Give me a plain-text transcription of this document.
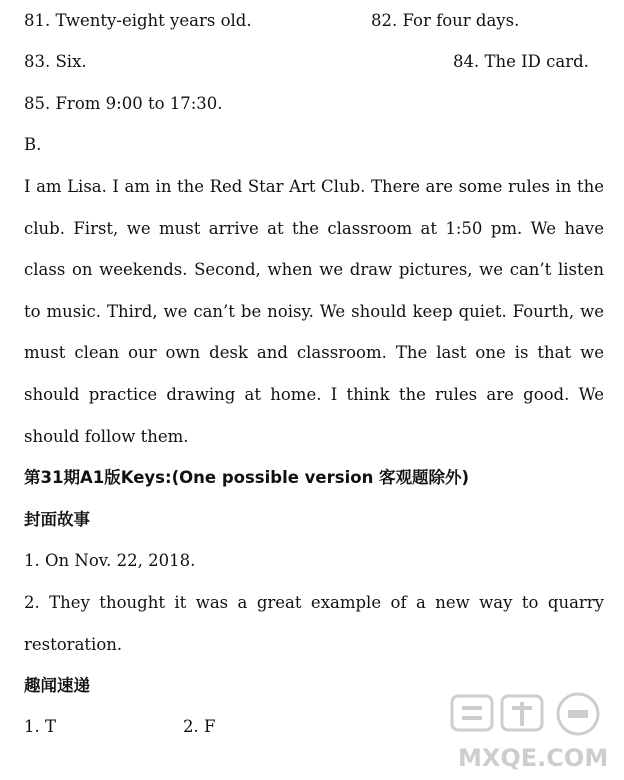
81. Twenty-eight years old.	82. For four days.
83. Six.	84. The ID card.
85. From 9:00 to 17:30.
B.
I am Lisa. I am in the Red Star Art Club. There are some rules in the club. First, we must arrive at the classroom at 1:50 pm. We have class on weekends. Second, when we draw pictures, we can’t listen to music. Third, we can’t be noisy. We should keep quiet. Fourth, we must clean our own desk and classroom. The last one is that we should practice drawing at home. I think the rules are good. We should follow them.
第31期A1版Keys:(One possible version 客观题除外)
封面故事
1. On Nov. 22, 2018.
2. They thought it was a great example of a new way to quarry restoration.
趣闻速递
1. T	2. F
MXQE.COM
